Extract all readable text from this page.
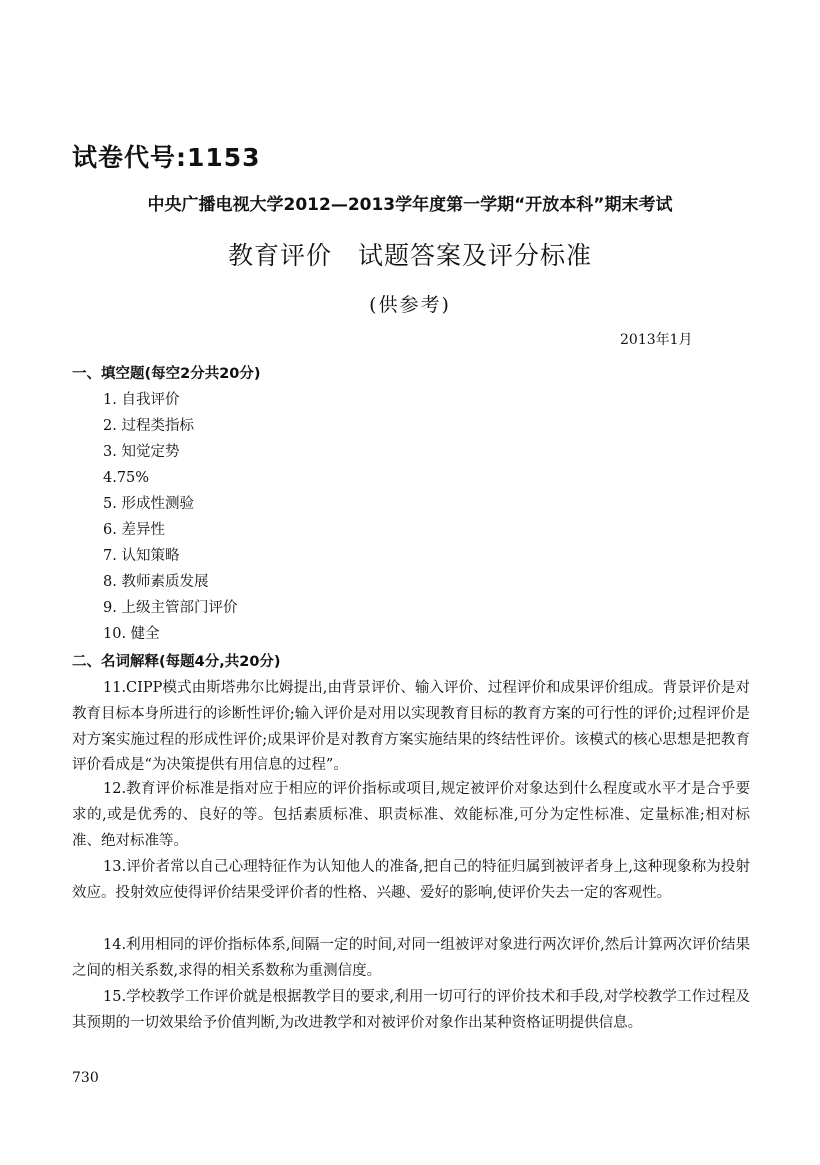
试卷代号:1153
中央广播电视大学2012—2013学年度第一学期“开放本科”期末考试
教育评价　试题答案及评分标准
(供参考)
2013年1月
一、填空题(每空2分共20分)
1. 自我评价
2. 过程类指标
3. 知觉定势
4.75%
5. 形成性测验
6. 差异性
7. 认知策略
8. 教师素质发展
9. 上级主管部门评价
10. 健全
二、名词解释(每题4分,共20分)

11.CIPP模式由斯塔弗尔比姆提出,由背景评价、输入评价、过程评价和成果评价组成。背景评价是对教育目标本身所进行的诊断性评价;输入评价是对用以实现教育目标的教育方案的可行性的评价;过程评价是对方案实施过程的形成性评价;成果评价是对教育方案实施结果的终结性评价。该模式的核心思想是把教育评价看成是“为决策提供有用信息的过程”。

12.教育评价标准是指对应于相应的评价指标或项目,规定被评价对象达到什么程度或水平才是合乎要求的,或是优秀的、良好的等。包括素质标准、职责标准、效能标准,可分为定性标准、定量标准;相对标准、绝对标准等。

13.评价者常以自己心理特征作为认知他人的准备,把自己的特征归属到被评者身上,这种现象称为投射效应。投射效应使得评价结果受评价者的性格、兴趣、爱好的影响,使评价失去一定的客观性。

14.利用相同的评价指标体系,间隔一定的时间,对同一组被评对象进行两次评价,然后计算两次评价结果之间的相关系数,求得的相关系数称为重测信度。

15.学校教学工作评价就是根据教学目的要求,利用一切可行的评价技术和手段,对学校教学工作过程及其预期的一切效果给予价值判断,为改进教学和对被评价对象作出某种资格证明提供信息。

730
